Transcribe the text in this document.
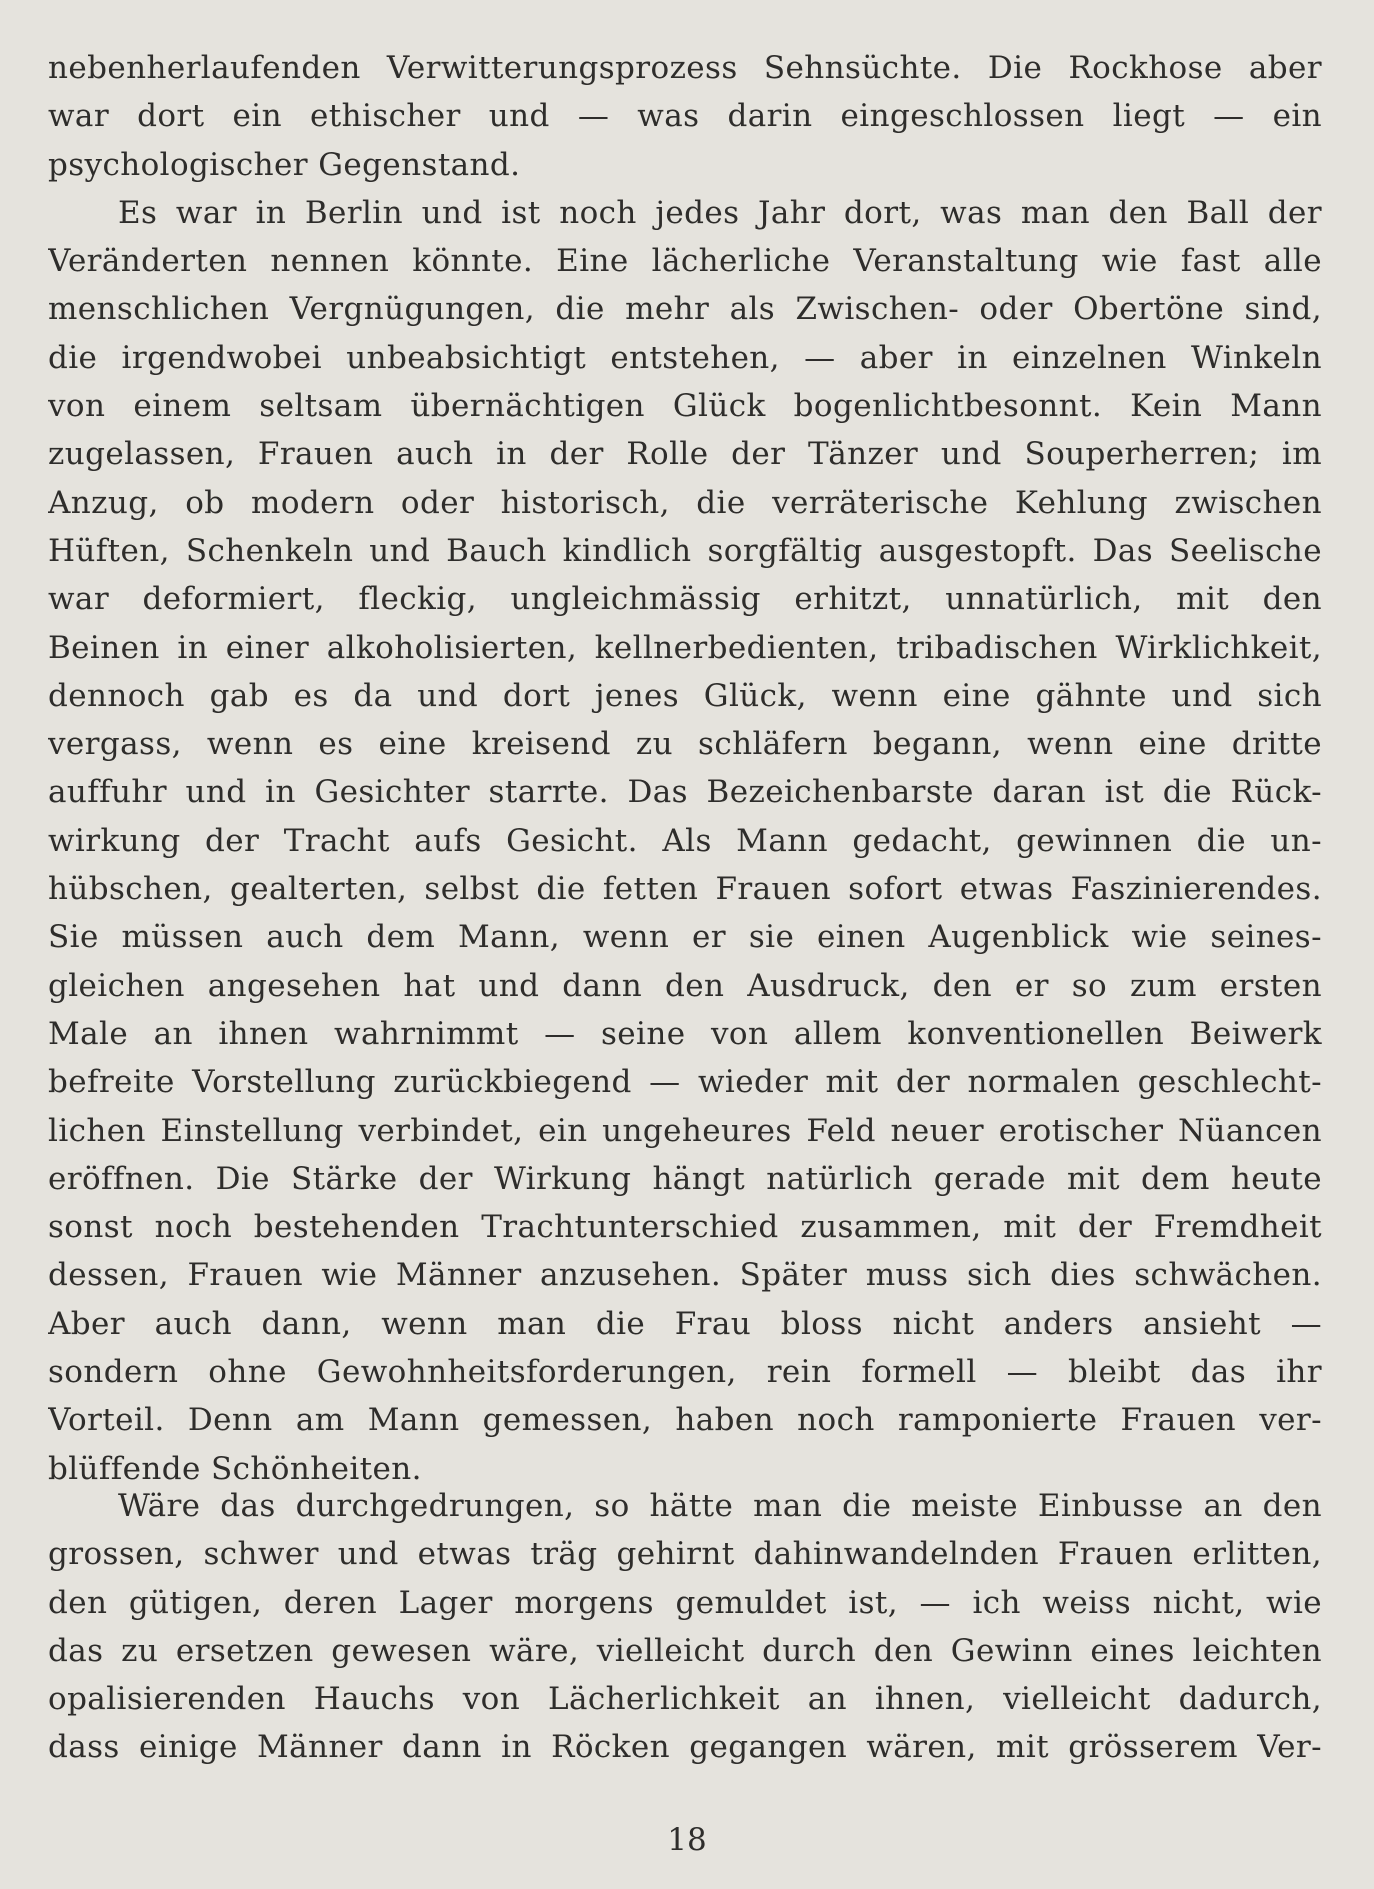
nebenherlaufenden Verwitterungsprozess Sehnsüchte. Die Rockhose aber
war dort ein ethischer und — was darin eingeschlossen liegt — ein
psychologischer Gegenstand.
Es war in Berlin und ist noch jedes Jahr dort, was man den Ball der
Veränderten nennen könnte. Eine lächerliche Veranstaltung wie fast alle
menschlichen Vergnügungen, die mehr als Zwischen- oder Obertöne sind,
die irgendwobei unbeabsichtigt entstehen, — aber in einzelnen Winkeln
von einem seltsam übernächtigen Glück bogenlichtbesonnt. Kein Mann
zugelassen, Frauen auch in der Rolle der Tänzer und Souperherren; im
Anzug, ob modern oder historisch, die verräterische Kehlung zwischen
Hüften, Schenkeln und Bauch kindlich sorgfältig ausgestopft. Das Seelische
war deformiert, fleckig, ungleichmässig erhitzt, unnatürlich, mit den
Beinen in einer alkoholisierten, kellnerbedienten, tribadischen Wirklichkeit,
dennoch gab es da und dort jenes Glück, wenn eine gähnte und sich
vergass, wenn es eine kreisend zu schläfern begann, wenn eine dritte
auffuhr und in Gesichter starrte. Das Bezeichenbarste daran ist die Rück-
wirkung der Tracht aufs Gesicht. Als Mann gedacht, gewinnen die un-
hübschen, gealterten, selbst die fetten Frauen sofort etwas Faszinierendes.
Sie müssen auch dem Mann, wenn er sie einen Augenblick wie seines-
gleichen angesehen hat und dann den Ausdruck, den er so zum ersten
Male an ihnen wahrnimmt — seine von allem konventionellen Beiwerk
befreite Vorstellung zurückbiegend — wieder mit der normalen geschlecht-
lichen Einstellung verbindet, ein ungeheures Feld neuer erotischer Nüancen
eröffnen. Die Stärke der Wirkung hängt natürlich gerade mit dem heute
sonst noch bestehenden Trachtunterschied zusammen, mit der Fremdheit
dessen, Frauen wie Männer anzusehen. Später muss sich dies schwächen.
Aber auch dann, wenn man die Frau bloss nicht anders ansieht —
sondern ohne Gewohnheitsforderungen, rein formell — bleibt das ihr
Vorteil. Denn am Mann gemessen, haben noch ramponierte Frauen ver-
blüffende Schönheiten.
Wäre das durchgedrungen, so hätte man die meiste Einbusse an den
grossen, schwer und etwas träg gehirnt dahinwandelnden Frauen erlitten,
den gütigen, deren Lager morgens gemuldet ist, — ich weiss nicht, wie
das zu ersetzen gewesen wäre, vielleicht durch den Gewinn eines leichten
opalisierenden Hauchs von Lächerlichkeit an ihnen, vielleicht dadurch,
dass einige Männer dann in Röcken gegangen wären, mit grösserem Ver-
18
